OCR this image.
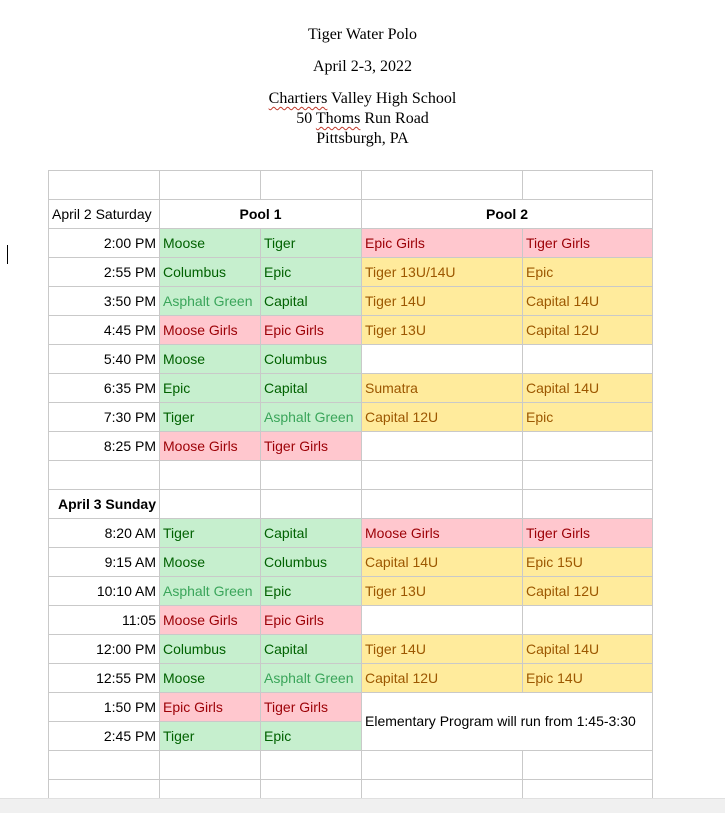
Tiger Water Polo
April 2-3, 2022
Chartiers Valley High School
50 Thoms Run Road
Pittsburgh, PA

April 2 Saturday	Pool 1		Pool 2	
2:00 PM	Moose	Tiger	Epic Girls	Tiger Girls
2:55 PM	Columbus	Epic	Tiger 13U/14U	Epic
3:50 PM	Asphalt Green	Capital	Tiger 14U	Capital 14U
4:45 PM	Moose Girls	Epic Girls	Tiger 13U	Capital 12U
5:40 PM	Moose	Columbus		
6:35 PM	Epic	Capital	Sumatra	Capital 14U
7:30 PM	Tiger	Asphalt Green	Capital 12U	Epic
8:25 PM	Moose Girls	Tiger Girls		

April 3 Sunday				
8:20 AM	Tiger	Capital	Moose Girls	Tiger Girls
9:15 AM	Moose	Columbus	Capital 14U	Epic 15U
10:10 AM	Asphalt Green	Epic	Tiger 13U	Capital 12U
11:05	Moose Girls	Epic Girls		
12:00 PM	Columbus	Capital	Tiger 14U	Capital 14U
12:55 PM	Moose	Asphalt Green	Capital 12U	Epic 14U
1:50 PM	Epic Girls	Tiger Girls	Elementary Program will run from 1:45-3:30	
2:45 PM	Tiger	Epic		
